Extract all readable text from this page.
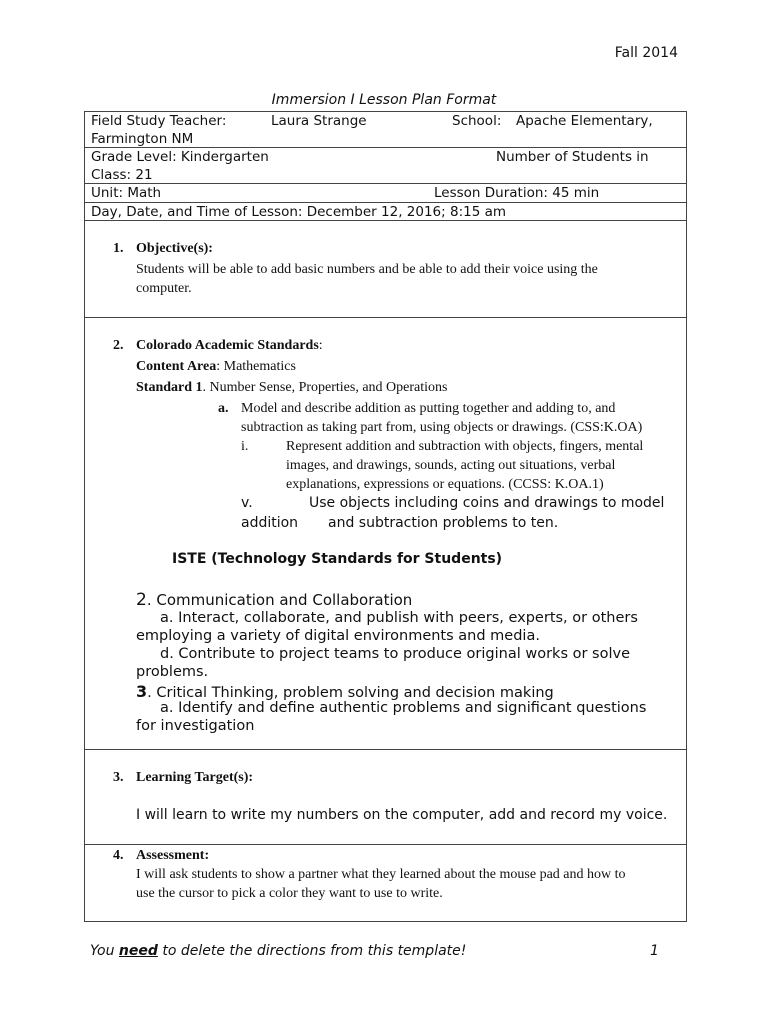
Fall 2014
Immersion I Lesson Plan Format
Field Study Teacher:	Laura Strange	School: Apache Elementary,
Farmington NM
Grade Level: Kindergarten	Number of Students in
Class: 21
Unit: Math	Lesson Duration: 45 min
Day, Date, and Time of Lesson: December 12, 2016; 8:15 am
1. Objective(s):
Students will be able to add basic numbers and be able to add their voice using the
computer.
2. Colorado Academic Standards:
Content Area: Mathematics
Standard 1. Number Sense, Properties, and Operations
a. Model and describe addition as putting together and adding to, and
subtraction as taking part from, using objects or drawings. (CSS:K.OA)
i.	Represent addition and subtraction with objects, fingers, mental
images, and drawings, sounds, acting out situations, verbal
explanations, expressions or equations. (CCSS: K.OA.1)
v.	Use objects including coins and drawings to model
addition and subtraction problems to ten.
ISTE (Technology Standards for Students)
2. Communication and Collaboration
a. Interact, collaborate, and publish with peers, experts, or others
employing a variety of digital environments and media.
d. Contribute to project teams to produce original works or solve
problems.
3. Critical Thinking, problem solving and decision making
a. Identify and define authentic problems and significant questions
for investigation
3. Learning Target(s):
I will learn to write my numbers on the computer, add and record my voice.
4. Assessment:
I will ask students to show a partner what they learned about the mouse pad and how to
use the cursor to pick a color they want to use to write.
You need to delete the directions from this template!	1
